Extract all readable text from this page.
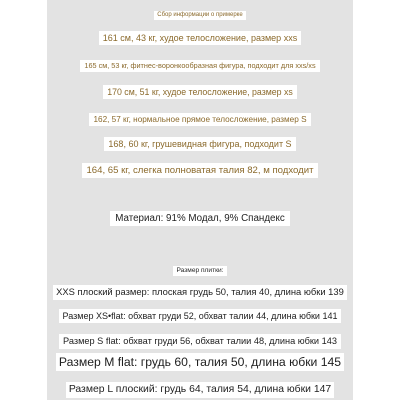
Сбор информации о примерке
161 см, 43 кг, худое телосложение, размер xxs
165 см, 53 кг, фитнес-воронкообразная фигура, подходит для xxs/xs
170 см, 51 кг, худое телосложение, размер xs
162, 57 кг, нормальное прямое телосложение, размер S
168, 60 кг, грушевидная фигура, подходит S
164, 65 кг, слегка полноватая талия 82, м подходит
Материал: 91% Модал, 9% Спандекс
Размер плитки:
XXS плоский размер: плоская грудь 50, талия 40, длина юбки 139
Размер XS•flat: обхват груди 52, обхват талии 44, длина юбки 141
Размер S flat: обхват груди 56, обхват талии 48, длина юбки 143
Размер M flat: грудь 60, талия 50, длина юбки 145
Размер L плоский: грудь 64, талия 54, длина юбки 147
